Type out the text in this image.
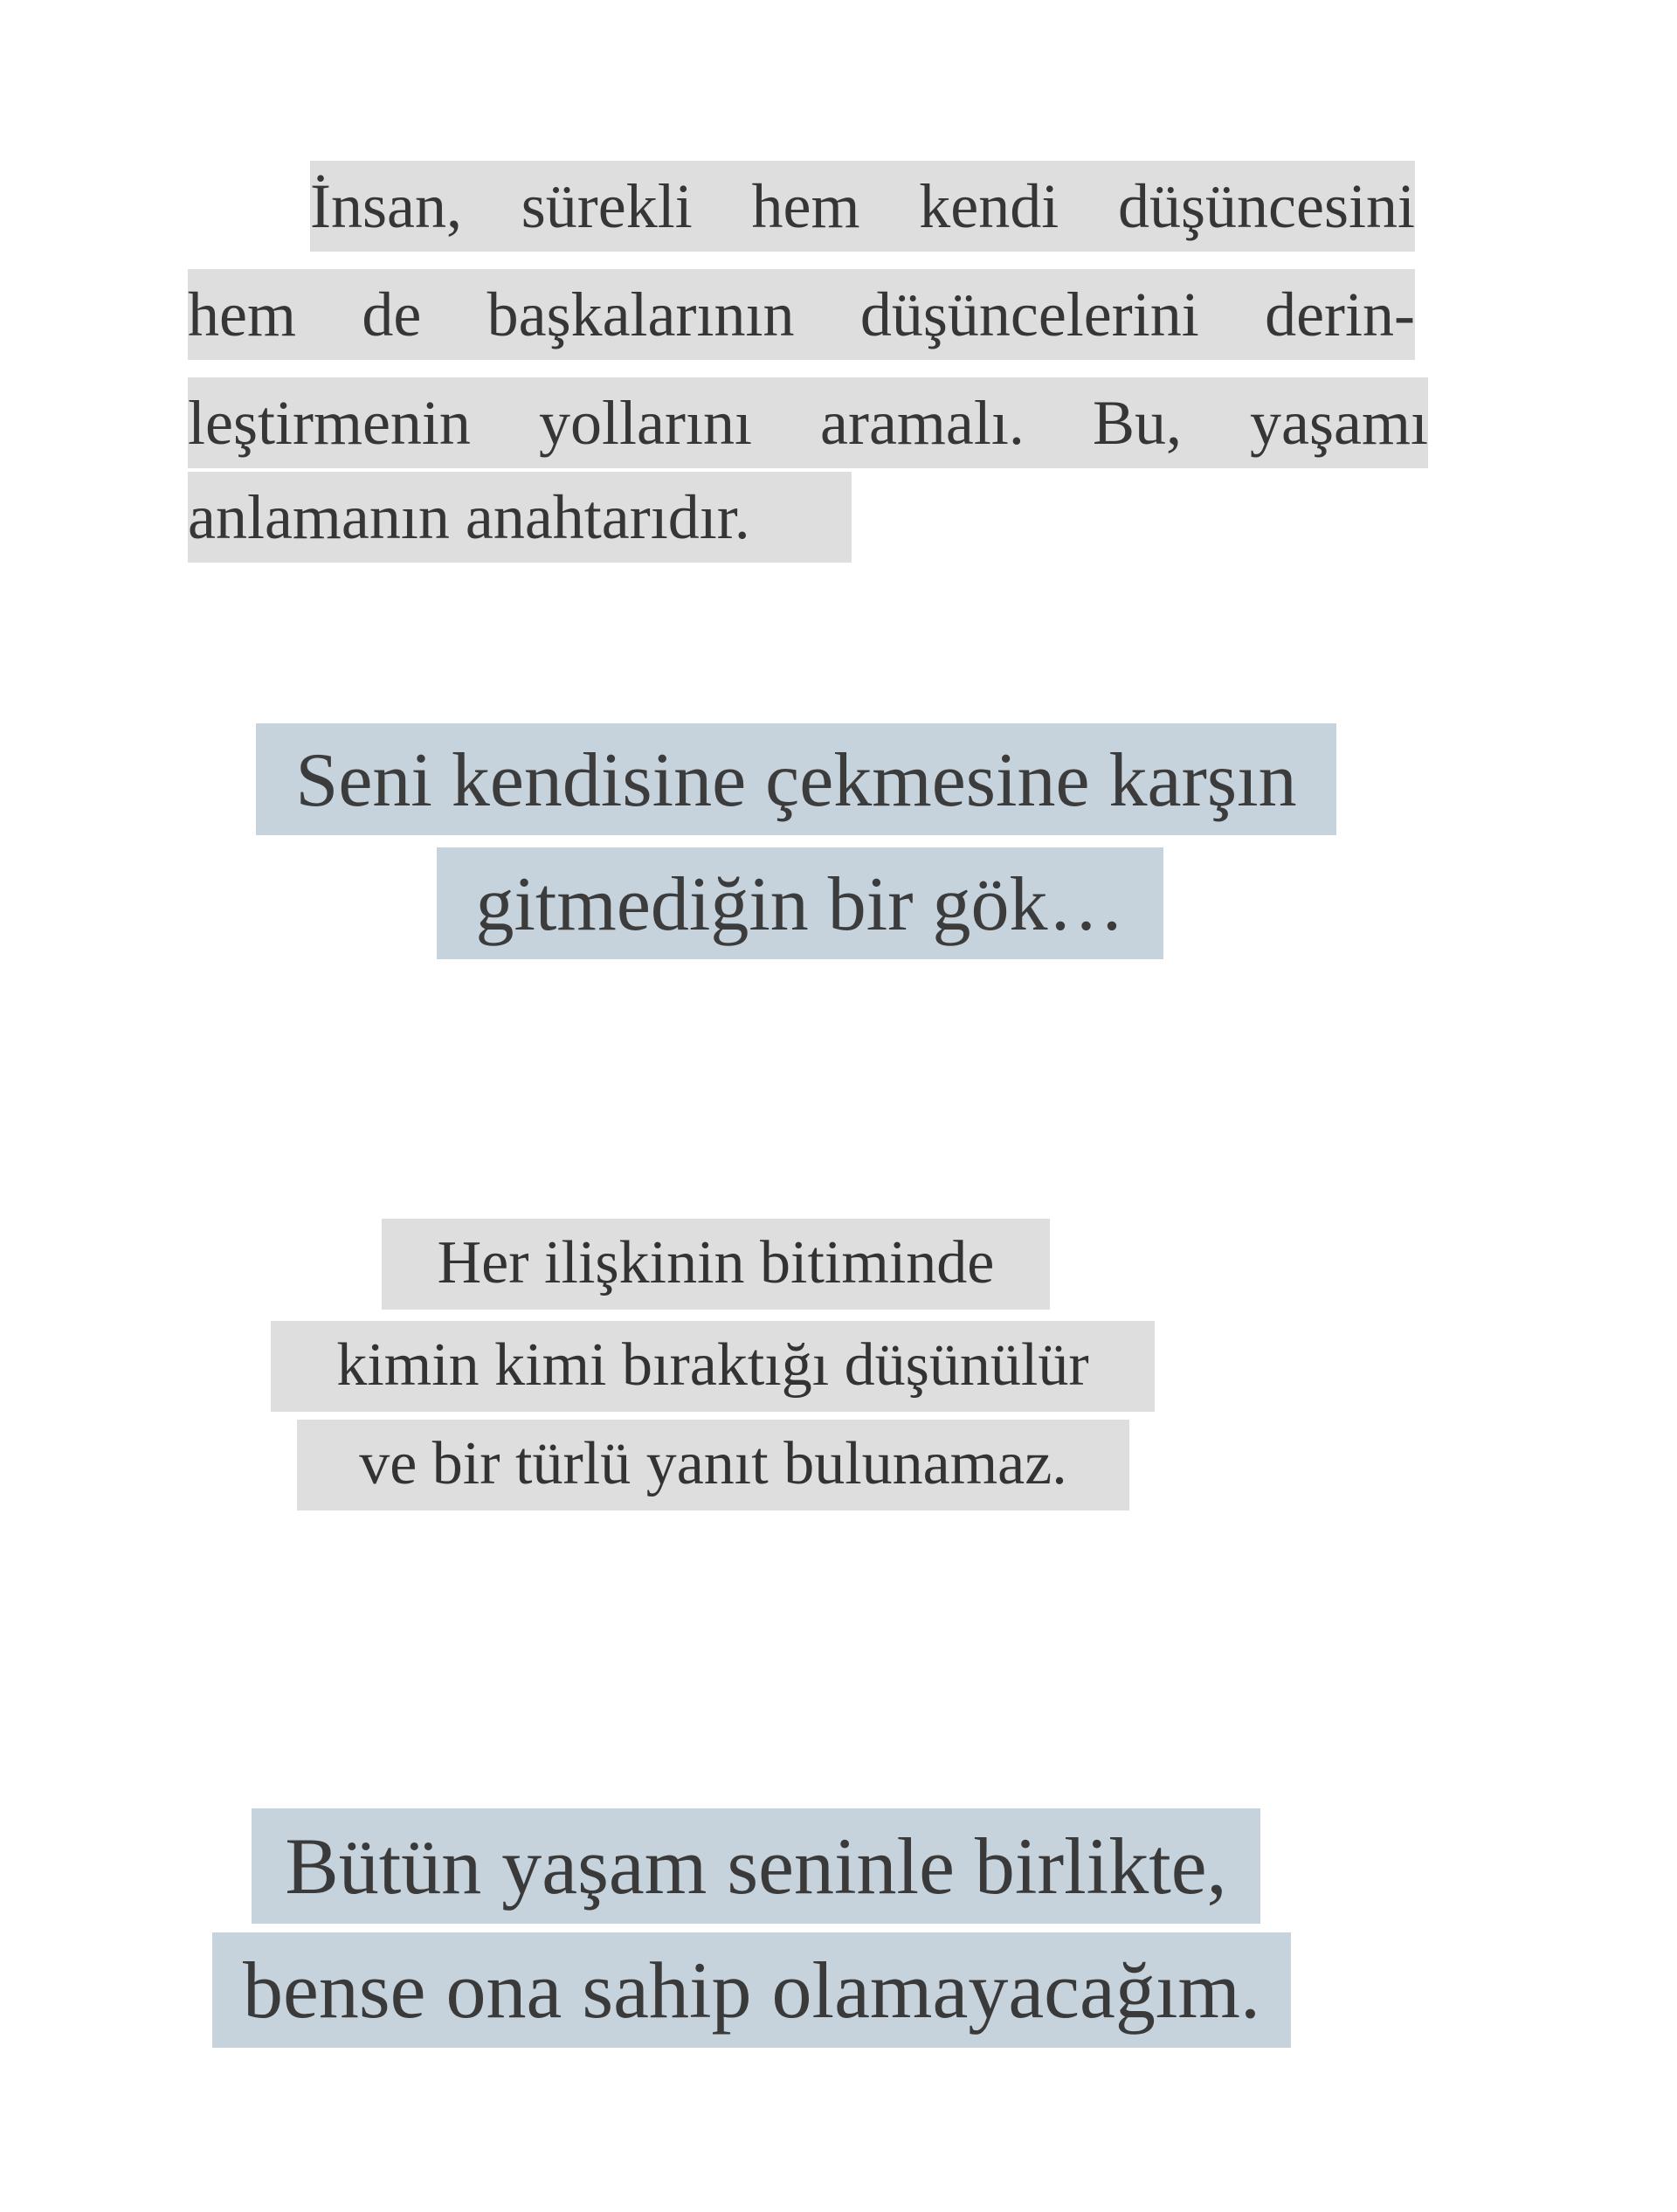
İnsan, sürekli hem kendi düşüncesini
hem de başkalarının düşüncelerini derin-
leştirmenin yollarını aramalı. Bu, yaşamı
anlamanın anahtarıdır.
Seni kendisine çekmesine karşın
gitmediğin bir gök…
Her ilişkinin bitiminde
kimin kimi bıraktığı düşünülür
ve bir türlü yanıt bulunamaz.
Bütün yaşam seninle birlikte,
bense ona sahip olamayacağım.
